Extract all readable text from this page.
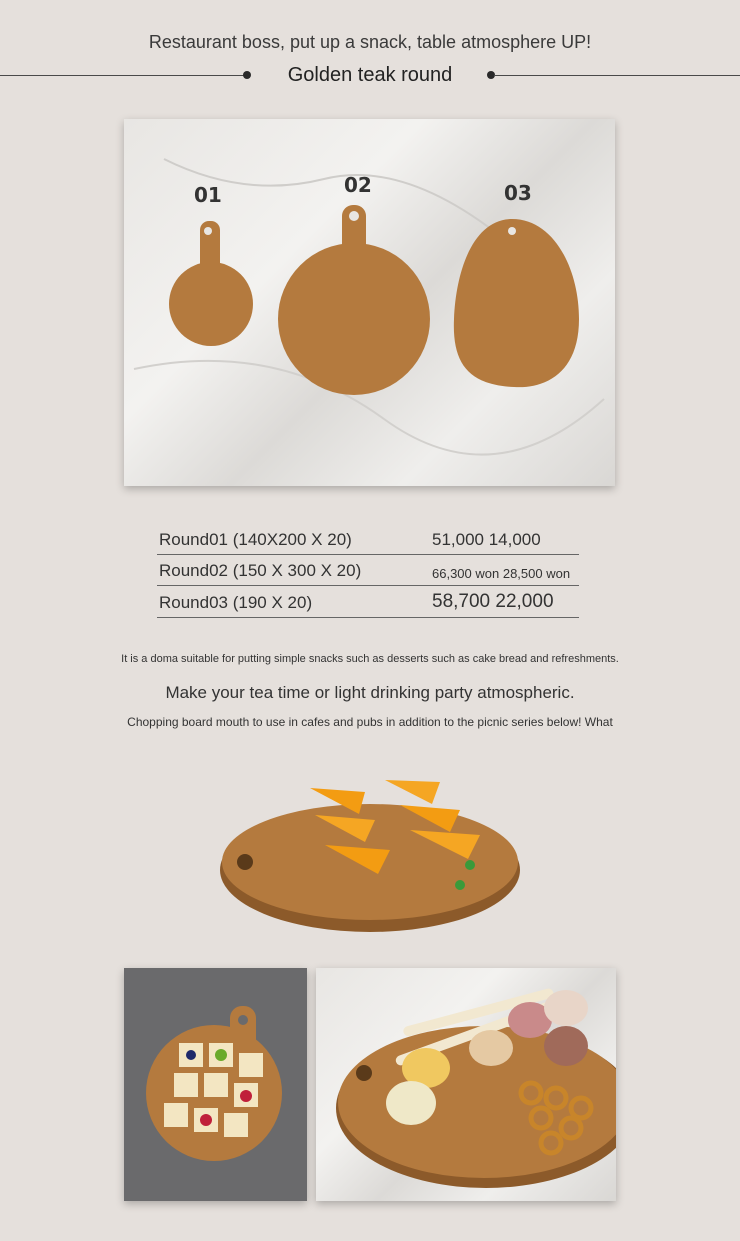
Restaurant boss, put up a snack, table atmosphere UP!
Golden teak round
01	02	03
Round01 (140X200 X 20)	51,000 14,000
Round02 (150 X 300 X 20)	66,300 won 28,500 won
Round03 (190 X 20)	58,700 22,000
It is a doma suitable for putting simple snacks such as desserts such as cake bread and refreshments.
Make your tea time or light drinking party atmospheric.
Chopping board mouth to use in cafes and pubs in addition to the picnic series below! What
